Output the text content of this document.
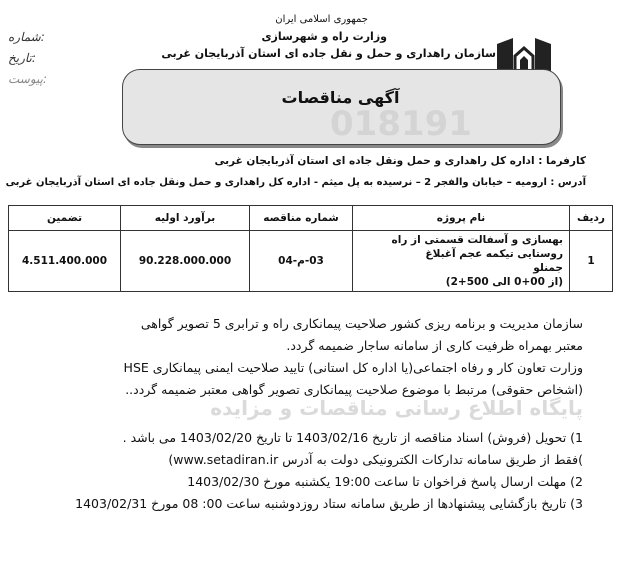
شماره:
تاریخ:
پیوست:
جمهوری اسلامی ایران
وزارت راه و شهرسازی
سازمان راهداری و حمل و نقل جاده ای استان آذربایجان غربی
018191
آگهی مناقصات
کارفرما : اداره کل راهداری و حمل ونقل جاده ای استان آذربایجان غربی
آدرس : ارومیه – خیابان والفجر 2 – نرسیده به پل میثم - اداره کل راهداری و حمل ونقل جاده ای استان آذربایجان غربی
ردیف	نام پروژه	شماره مناقصه	برآورد اولیه	تضمین
1	بهسازی و آسفالت قسمتی از راه روستایی تیکمه عجم آغبلاغ
جمنلو
(از 00+0 الی 500+2)	03-م-04	90.228.000.000	4.511.400.000
سازمان مدیریت و برنامه ریزی کشور صلاحیت پیمانکاری راه و ترابری 5 تصویر گواهی
معتبر بهمراه ظرفیت کاری از سامانه ساجار ضمیمه گردد.
وزارت تعاون کار و رفاه اجتماعی(یا اداره کل استانی) تایید صلاحیت ایمنی پیمانکاری HSE
(اشخاص حقوقی) مرتبط با موضوع صلاحیت پیمانکاری تصویر گواهی معتبر ضمیمه گردد..
پایگاه اطلاع رسانی مناقصات و مزایده
1) تحویل (فروش) اسناد مناقصه از تاریخ 1403/02/16 تا تاریخ 1403/02/20 می باشد .
)فقط از طریق سامانه تدارکات الکترونیکی دولت به آدرس www.setadiran.ir)
2) مهلت ارسال پاسخ فراخوان تا ساعت 19:00 یکشنبه مورخ 1403/02/30
3) تاریخ بازگشایی پیشنهادها از طریق سامانه ستاد روزدوشنبه ساعت 00: 08 مورخ 1403/02/31
